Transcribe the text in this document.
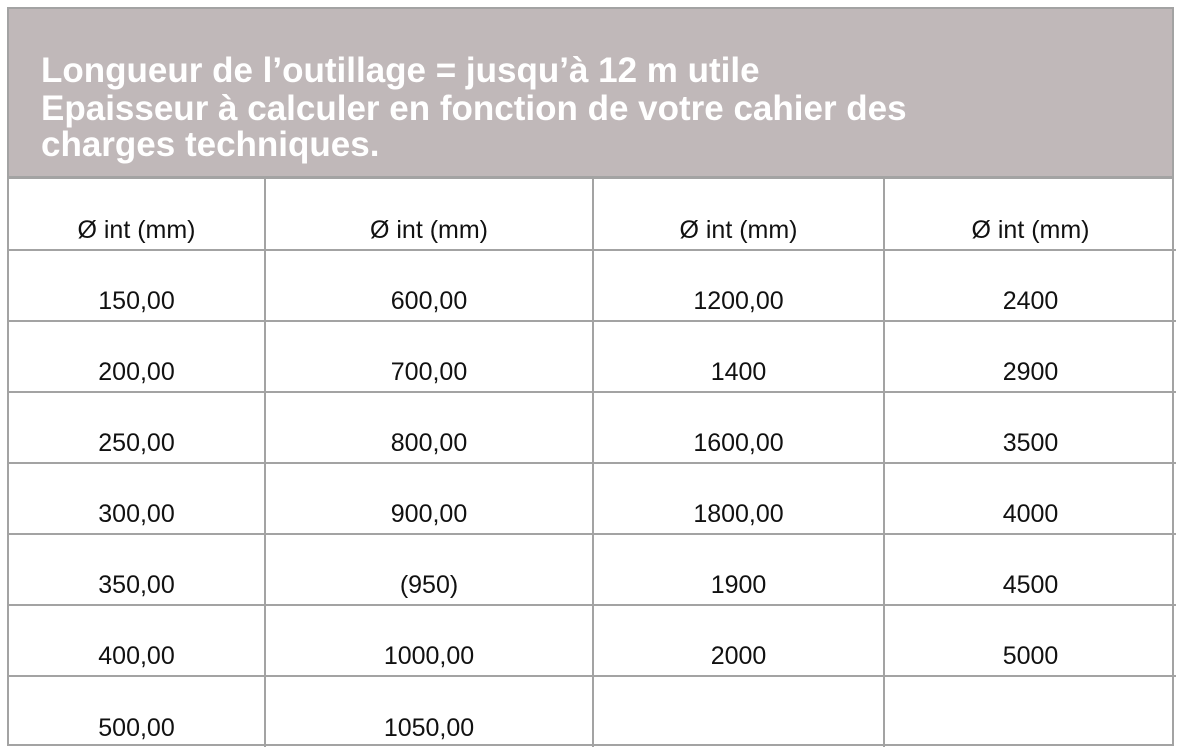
Longueur de l’outillage = jusqu’à 12 m utile
Epaisseur à calculer en fonction de votre cahier des
charges techniques.
Ø int (mm)	Ø int (mm)	Ø int (mm)	Ø int (mm)
150,00	600,00	1200,00	2400
200,00	700,00	1400	2900
250,00	800,00	1600,00	3500
300,00	900,00	1800,00	4000
350,00	(950)	1900	4500
400,00	1000,00	2000	5000
500,00	1050,00		
